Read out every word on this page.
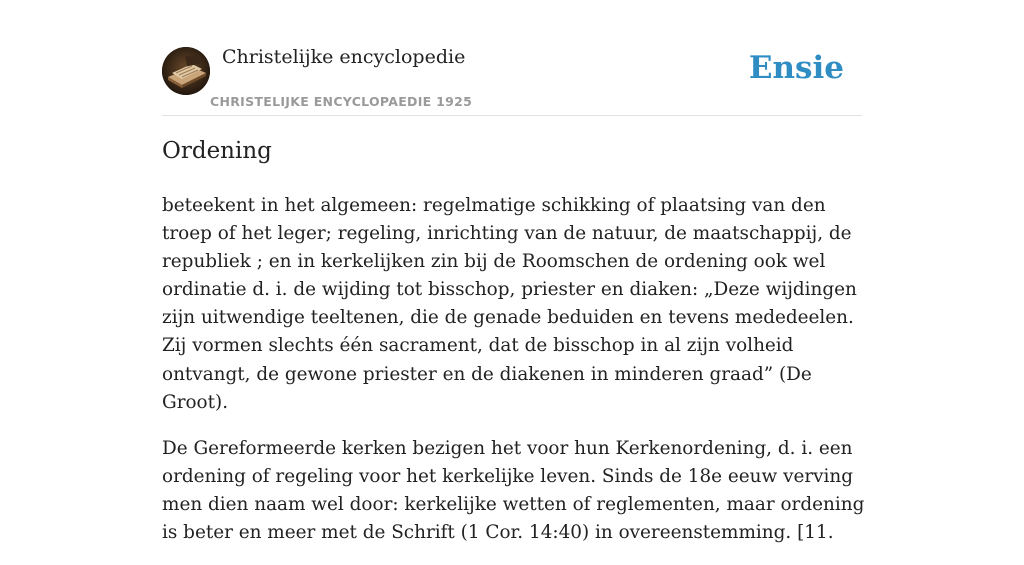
Christelijke encyclopedie
CHRISTELIJKE ENCYCLOPAEDIE 1925
Ensie
Ordening

beteekent in het algemeen: regelmatige schikking of plaatsing van den troep of het leger; regeling, inrichting van de natuur, de maatschappij, de republiek ; en in kerkelijken zin bij de Roomschen de ordening ook wel ordinatie d. i. de wijding tot bisschop, priester en diaken: „Deze wijdingen zijn uitwendige teeltenen, die de genade beduiden en tevens mededeelen. Zij vormen slechts één sacrament, dat de bisschop in al zijn volheid ontvangt, de gewone priester en de diakenen in minderen graad” (De Groot).

De Gereformeerde kerken bezigen het voor hun Kerkenordening, d. i. een ordening of regeling voor het kerkelijke leven. Sinds de 18e eeuw verving men dien naam wel door: kerkelijke wetten of reglementen, maar ordening is beter en meer met de Schrift (1 Cor. 14:40) in overeenstemming. [11.
